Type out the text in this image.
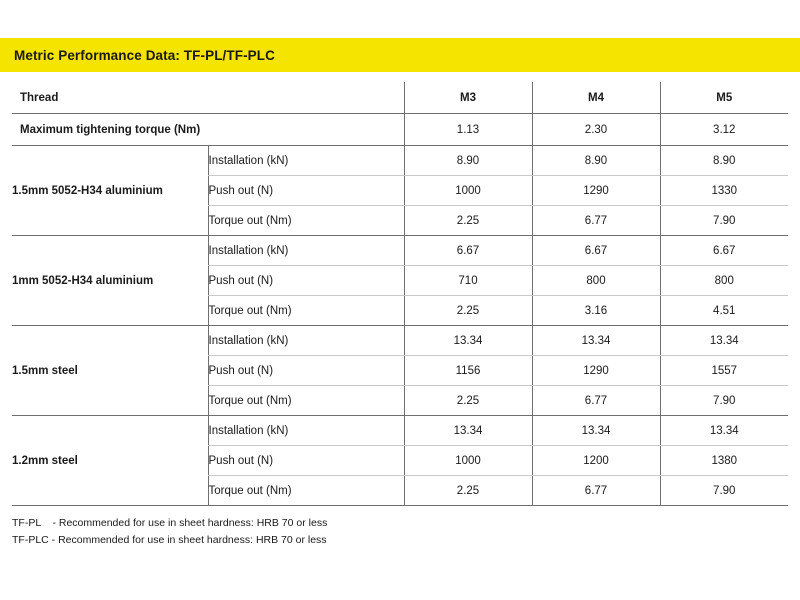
Metric Performance Data: TF-PL/TF-PLC
Thread		M3	M4	M5
Maximum tightening torque (Nm)		1.13	2.30	3.12
1.5mm 5052-H34 aluminium	Installation (kN)	8.90	8.90	8.90
	Push out (N)	1000	1290	1330
	Torque out (Nm)	2.25	6.77	7.90
1mm 5052-H34 aluminium	Installation (kN)	6.67	6.67	6.67
	Push out (N)	710	800	800
	Torque out (Nm)	2.25	3.16	4.51
1.5mm steel	Installation (kN)	13.34	13.34	13.34
	Push out (N)	1156	1290	1557
	Torque out (Nm)	2.25	6.77	7.90
1.2mm steel	Installation (kN)	13.34	13.34	13.34
	Push out (N)	1000	1200	1380
	Torque out (Nm)	2.25	6.77	7.90
TF-PL    - Recommended for use in sheet hardness: HRB 70 or less
TF-PLC - Recommended for use in sheet hardness: HRB 70 or less
